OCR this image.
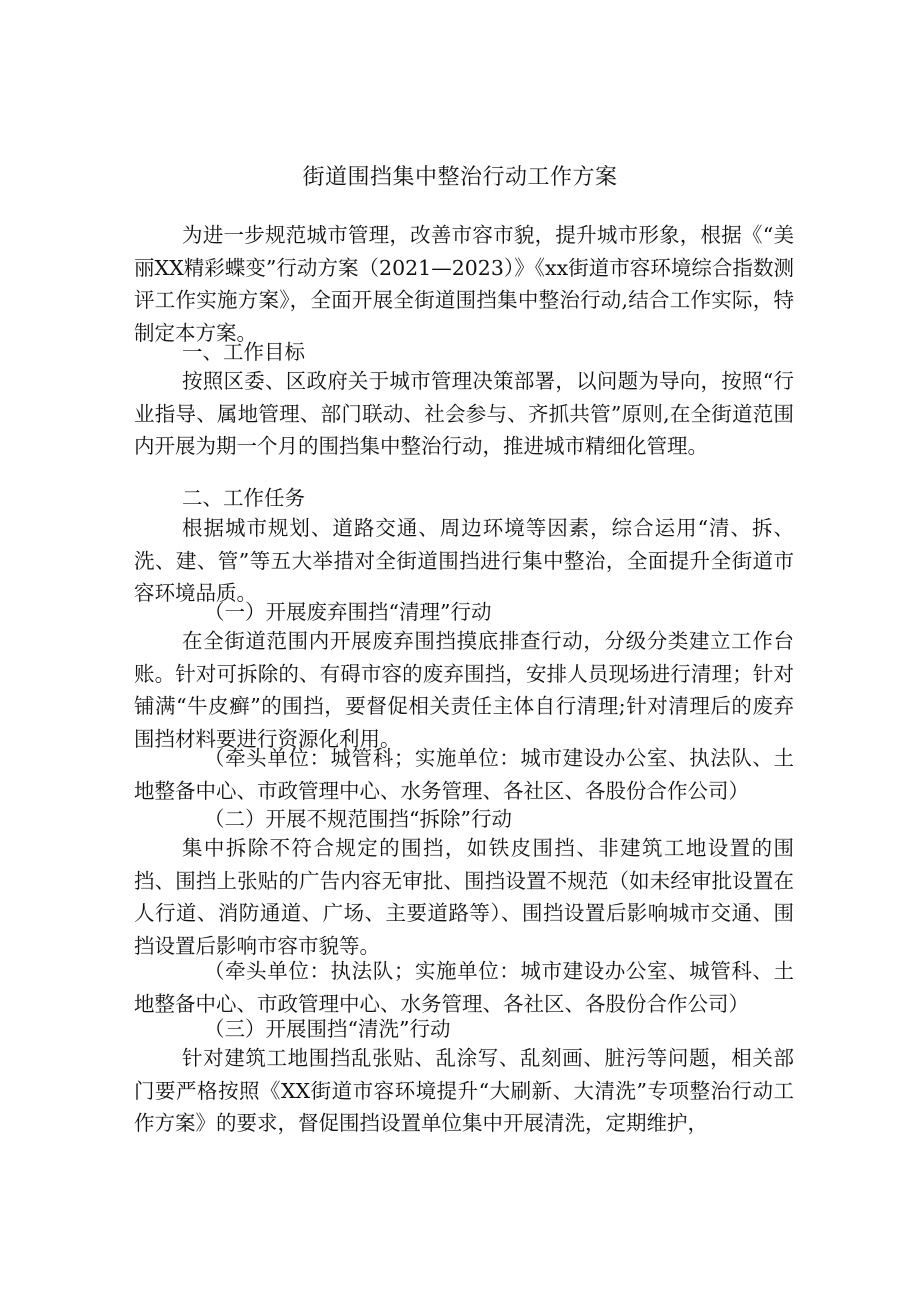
街道围挡集中整治行动工作方案

为进一步规范城市管理，改善市容市貌，提升城市形象，根据《“美丽XX精彩蝶变”行动方案（2021—2023）》《xx街道市容环境综合指数测评工作实施方案》，全面开展全街道围挡集中整治行动,结合工作实际，特制定本方案。

一、工作目标

按照区委、区政府关于城市管理决策部署，以问题为导向，按照“行业指导、属地管理、部门联动、社会参与、齐抓共管”原则,在全街道范围内开展为期一个月的围挡集中整治行动，推进城市精细化管理。

二、工作任务

根据城市规划、道路交通、周边环境等因素，综合运用“清、拆、洗、建、管”等五大举措对全街道围挡进行集中整治，全面提升全街道市容环境品质。

（一）开展废弃围挡“清理”行动

在全街道范围内开展废弃围挡摸底排查行动，分级分类建立工作台账。针对可拆除的、有碍市容的废弃围挡，安排人员现场进行清理；针对铺满“牛皮癣”的围挡，要督促相关责任主体自行清理;针对清理后的废弃围挡材料要进行资源化利用。

（牵头单位：城管科；实施单位：城市建设办公室、执法队、土地整备中心、市政管理中心、水务管理、各社区、各股份合作公司）

（二）开展不规范围挡“拆除”行动

集中拆除不符合规定的围挡，如铁皮围挡、非建筑工地设置的围挡、围挡上张贴的广告内容无审批、围挡设置不规范（如未经审批设置在人行道、消防通道、广场、主要道路等）、围挡设置后影响城市交通、围挡设置后影响市容市貌等。

（牵头单位：执法队；实施单位：城市建设办公室、城管科、土地整备中心、市政管理中心、水务管理、各社区、各股份合作公司）

（三）开展围挡“清洗”行动

针对建筑工地围挡乱张贴、乱涂写、乱刻画、脏污等问题，相关部门要严格按照《XX街道市容环境提升“大刷新、大清洗”专项整治行动工作方案》的要求，督促围挡设置单位集中开展清洗，定期维护，
